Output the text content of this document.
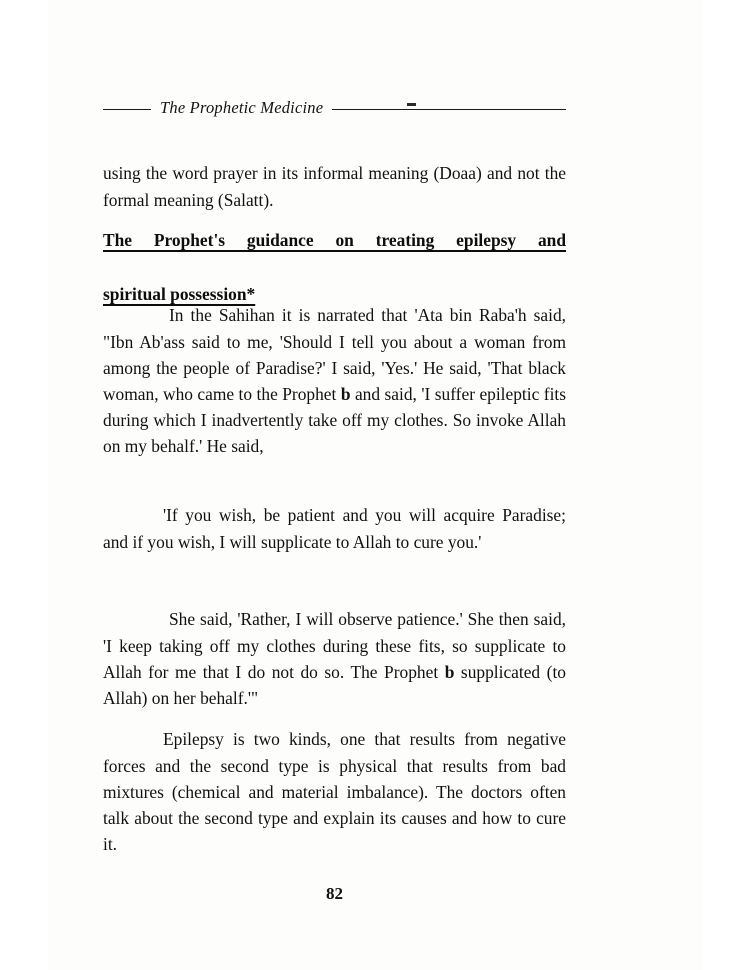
The Prophetic Medicine

using the word prayer in its informal meaning (Doaa) and not the formal meaning (Salatt).

The Prophet's guidance on treating epilepsy and
spiritual possession*

In the Sahihan it is narrated that 'Ata bin Raba'h said, "Ibn Ab'ass said to me, 'Should I tell you about a woman from among the people of Paradise?' I said, 'Yes.' He said, 'That black woman, who came to the Prophet b and said, 'I suffer epileptic fits during which I inadvertently take off my clothes. So invoke Allah on my behalf.' He said,

'If you wish, be patient and you will acquire Paradise; and if you wish, I will supplicate to Allah to cure you.'

She said, 'Rather, I will observe patience.' She then said, 'I keep taking off my clothes during these fits, so supplicate to Allah for me that I do not do so. The Prophet b supplicated (to Allah) on her behalf.'"

Epilepsy is two kinds, one that results from negative forces and the second type is physical that results from bad mixtures (chemical and material imbalance). The doctors often talk about the second type and explain its causes and how to cure it.

82
